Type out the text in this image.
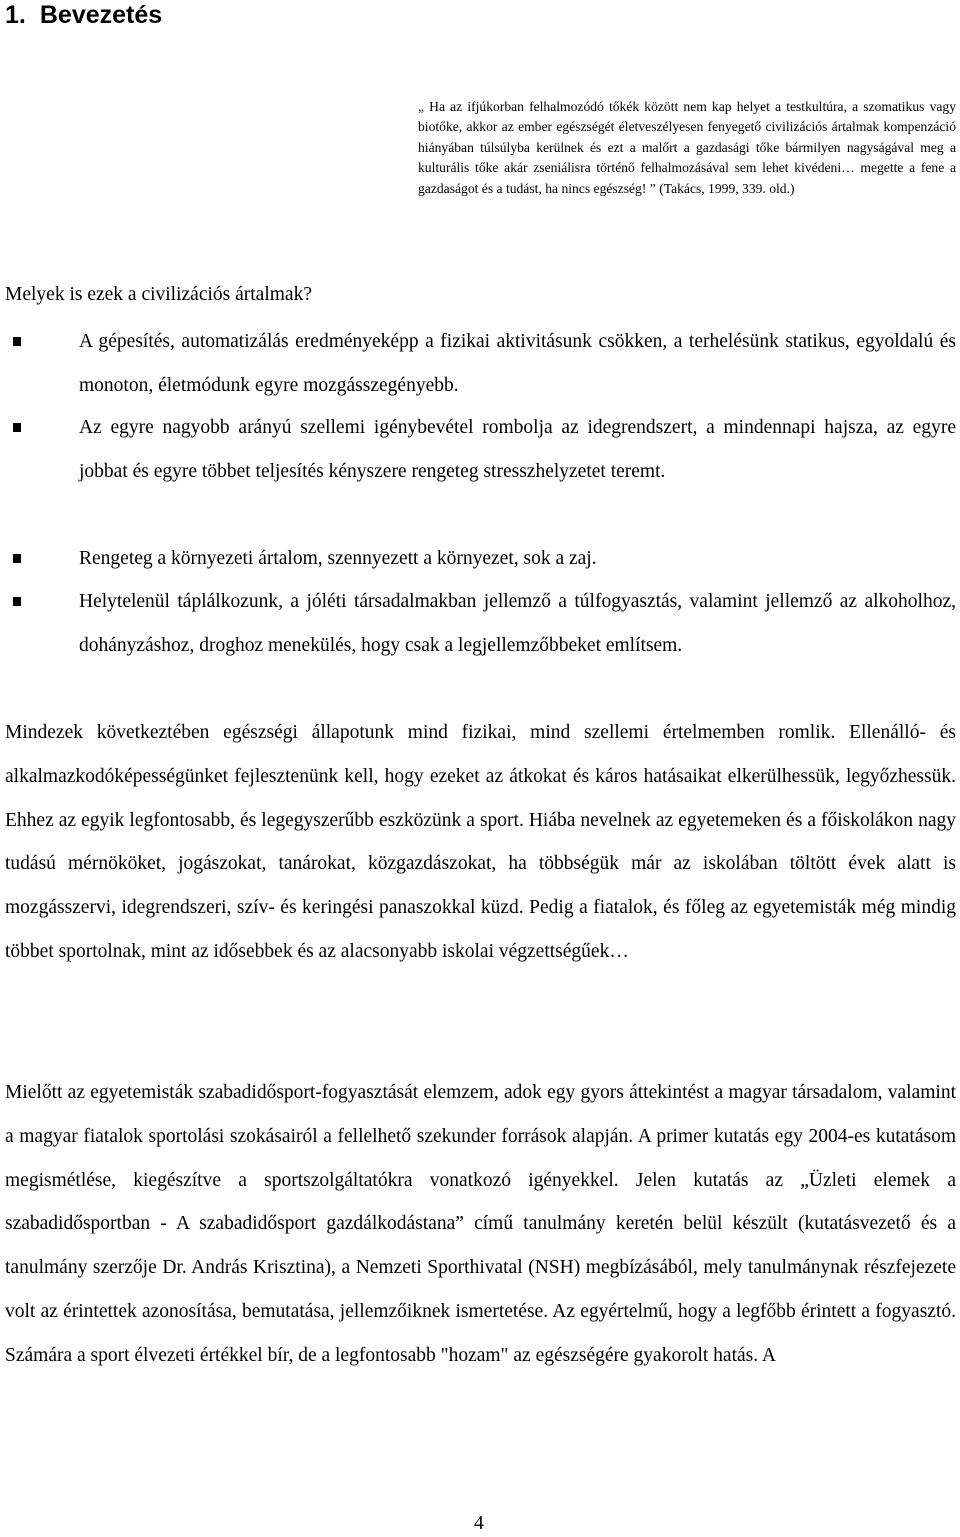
1. Bevezetés

„ Ha az ifjúkorban felhalmozódó tőkék között nem kap helyet a testkultúra, a szomatikus vagy biotőke, akkor az ember egészségét életveszélyesen fenyegető civilizációs ártalmak kompenzáció hiányában túlsúlyba kerülnek és ezt a malőrt a gazdasági tőke bármilyen nagyságával meg a kulturális tőke akár zseniálisra történő felhalmozásával sem lehet kivédeni… megette a fene a gazdaságot és a tudást, ha nincs egészség! ” (Takács, 1999, 339. old.)

Melyek is ezek a civilizációs ártalmak?

A gépesítés, automatizálás eredményeképp a fizikai aktivitásunk csökken, a terhelésünk statikus, egyoldalú és monoton, életmódunk egyre mozgásszegényebb.
Az egyre nagyobb arányú szellemi igénybevétel rombolja az idegrendszert, a mindennapi hajsza, az egyre jobbat és egyre többet teljesítés kényszere rengeteg stresszhelyzetet teremt.
Rengeteg a környezeti ártalom, szennyezett a környezet, sok a zaj.
Helytelenül táplálkozunk, a jóléti társadalmakban jellemző a túlfogyasztás, valamint jellemző az alkoholhoz, dohányzáshoz, droghoz menekülés, hogy csak a legjellemzőbbeket említsem.

Mindezek következtében egészségi állapotunk mind fizikai, mind szellemi értelmemben romlik. Ellenálló- és alkalmazkodóképességünket fejlesztenünk kell, hogy ezeket az átkokat és káros hatásaikat elkerülhessük, legyőzhessük. Ehhez az egyik legfontosabb, és legegyszerűbb eszközünk a sport. Hiába nevelnek az egyetemeken és a főiskolákon nagy tudású mérnököket, jogászokat, tanárokat, közgazdászokat, ha többségük már az iskolában töltött évek alatt is mozgásszervi, idegrendszeri, szív- és keringési panaszokkal küzd. Pedig a fiatalok, és főleg az egyetemisták még mindig többet sportolnak, mint az idősebbek és az alacsonyabb iskolai végzettségűek…

Mielőtt az egyetemisták szabadidősport-fogyasztását elemzem, adok egy gyors áttekintést a magyar társadalom, valamint a magyar fiatalok sportolási szokásairól a fellelhető szekunder források alapján. A primer kutatás egy 2004-es kutatásom megismétlése, kiegészítve a sportszolgáltatókra vonatkozó igényekkel. Jelen kutatás az „Üzleti elemek a szabadidősportban - A szabadidősport gazdálkodástana” című tanulmány keretén belül készült (kutatásvezető és a tanulmány szerzője Dr. András Krisztina), a Nemzeti Sporthivatal (NSH) megbízásából, mely tanulmánynak részfejezete volt az érintettek azonosítása, bemutatása, jellemzőiknek ismertetése. Az egyértelmű, hogy a legfőbb érintett a fogyasztó. Számára a sport élvezeti értékkel bír, de a legfontosabb "hozam" az egészségére gyakorolt hatás. A

4
